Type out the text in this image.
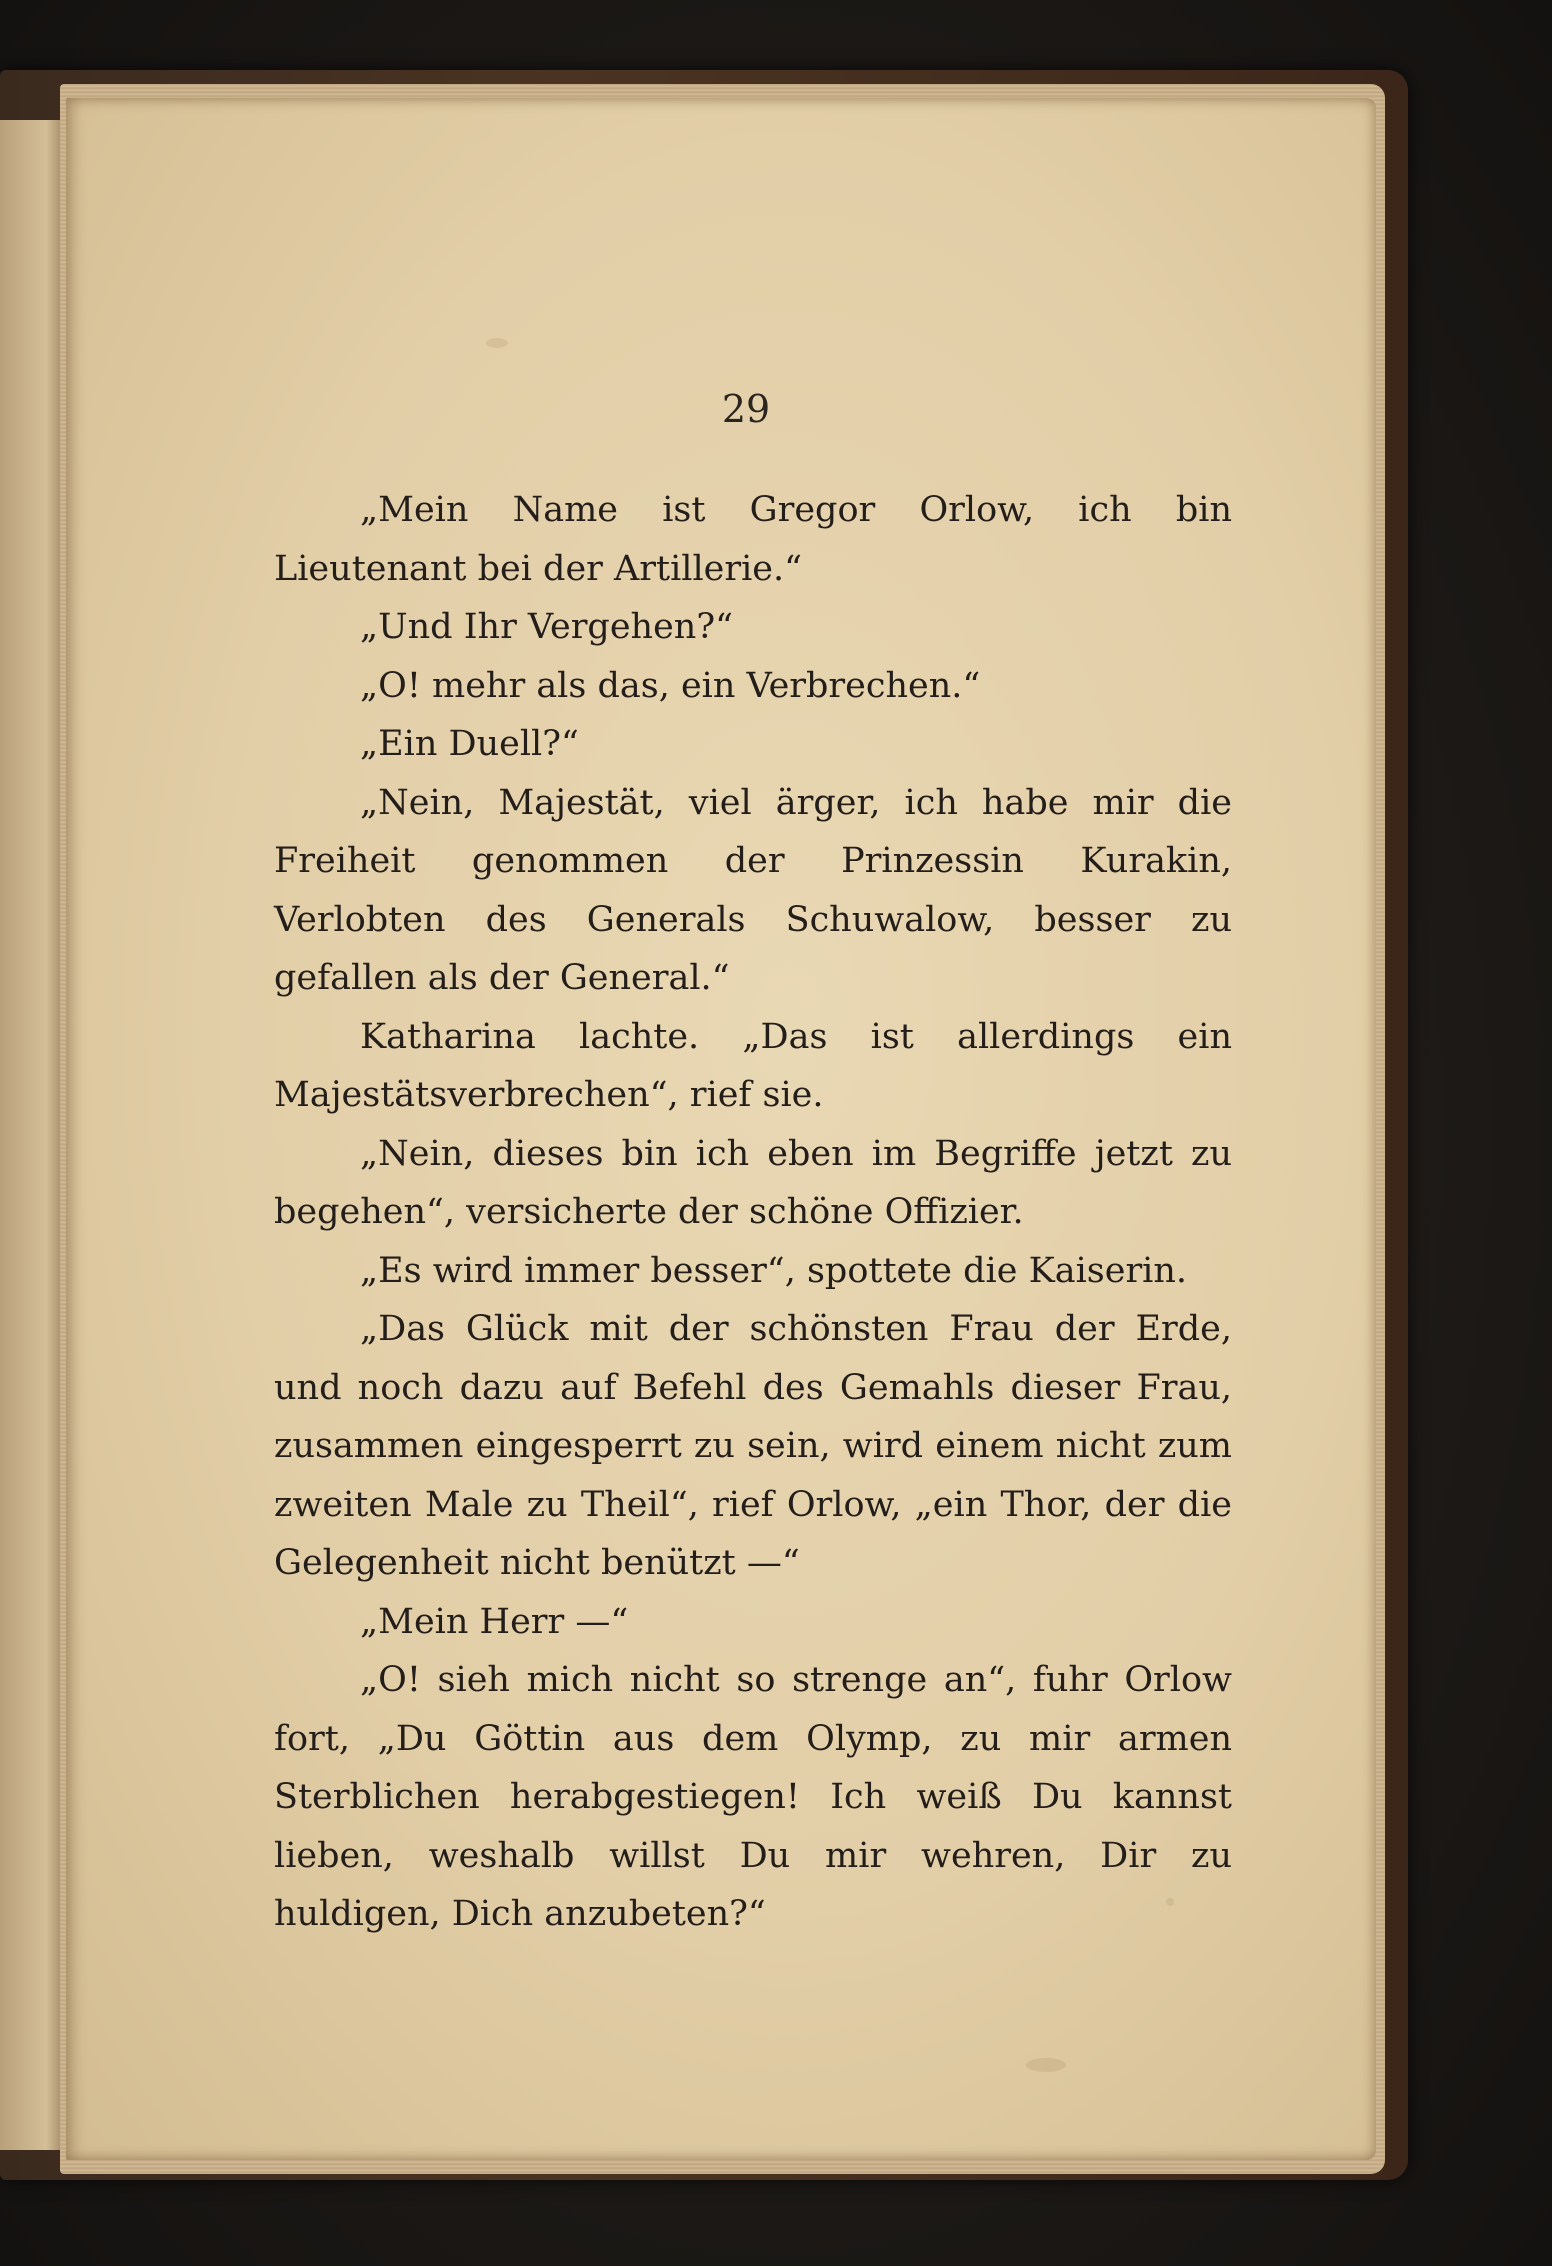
29

„Mein Name ist Gregor Orlow, ich bin Lieutenant bei der Artillerie.“

„Und Ihr Vergehen?“

„O! mehr als das, ein Verbrechen.“

„Ein Duell?“

„Nein, Majestät, viel ärger, ich habe mir die Freiheit genommen der Prinzessin Kurakin, Verlobten des Generals Schuwalow, besser zu gefallen als der General.“

Katharina lachte. „Das ist allerdings ein Majestätsverbrechen“, rief sie.

„Nein, dieses bin ich eben im Begriffe jetzt zu begehen“, versicherte der schöne Offizier.

„Es wird immer besser“, spottete die Kaiserin.

„Das Glück mit der schönsten Frau der Erde, und noch dazu auf Befehl des Gemahls dieser Frau, zusammen eingesperrt zu sein, wird einem nicht zum zweiten Male zu Theil“, rief Orlow, „ein Thor, der die Gelegenheit nicht benützt —“

„Mein Herr —“

„O! sieh mich nicht so strenge an“, fuhr Orlow fort, „Du Göttin aus dem Olymp, zu mir armen Sterblichen herabgestiegen! Ich weiß Du kannst lieben, weshalb willst Du mir wehren, Dir zu huldigen, Dich anzubeten?“
